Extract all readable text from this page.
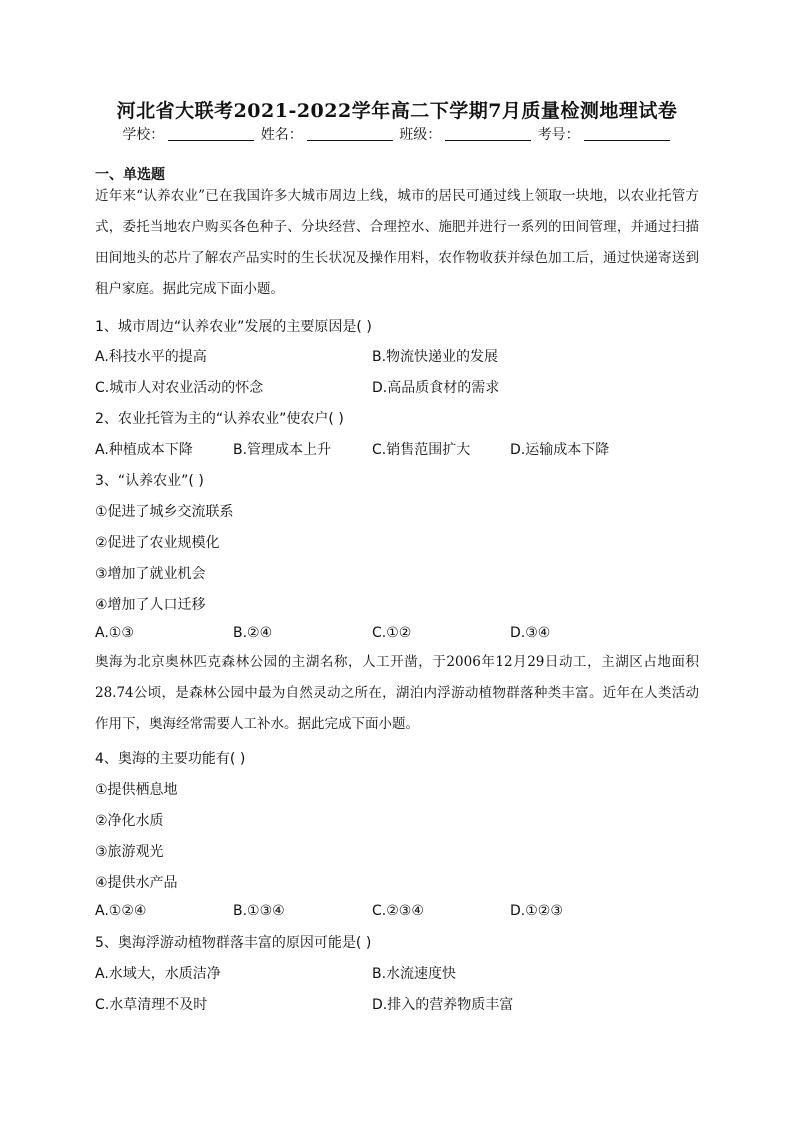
河北省大联考2021-2022学年高二下学期7月质量检测地理试卷
学校：	姓名：	班级：	考号：
一、单选题
近年来“认养农业”已在我国许多大城市周边上线，城市的居民可通过线上领取一块地，以农业托管方式，委托当地农户购买各色种子、分块经营、合理控水、施肥并进行一系列的田间管理，并通过扫描田间地头的芯片了解农产品实时的生长状况及操作用料，农作物收获并绿色加工后，通过快递寄送到租户家庭。据此完成下面小题。
1、城市周边“认养农业”发展的主要原因是( )
A.科技水平的提高	B.物流快递业的发展
C.城市人对农业活动的怀念	D.高品质食材的需求
2、农业托管为主的“认养农业”使农户( )
A.种植成本下降	B.管理成本上升	C.销售范围扩大	D.运输成本下降
3、“认养农业”( )
①促进了城乡交流联系
②促进了农业规模化
③增加了就业机会
④增加了人口迁移
A.①③	B.②④	C.①②	D.③④
奥海为北京奥林匹克森林公园的主湖名称，人工开凿，于2006年12月29日动工，主湖区占地面积28.74公顷，是森林公园中最为自然灵动之所在，湖泊内浮游动植物群落种类丰富。近年在人类活动作用下，奥海经常需要人工补水。据此完成下面小题。
4、奥海的主要功能有( )
①提供栖息地
②净化水质
③旅游观光
④提供水产品
A.①②④	B.①③④	C.②③④	D.①②③
5、奥海浮游动植物群落丰富的原因可能是( )
A.水域大，水质洁净	B.水流速度快
C.水草清理不及时	D.排入的营养物质丰富
